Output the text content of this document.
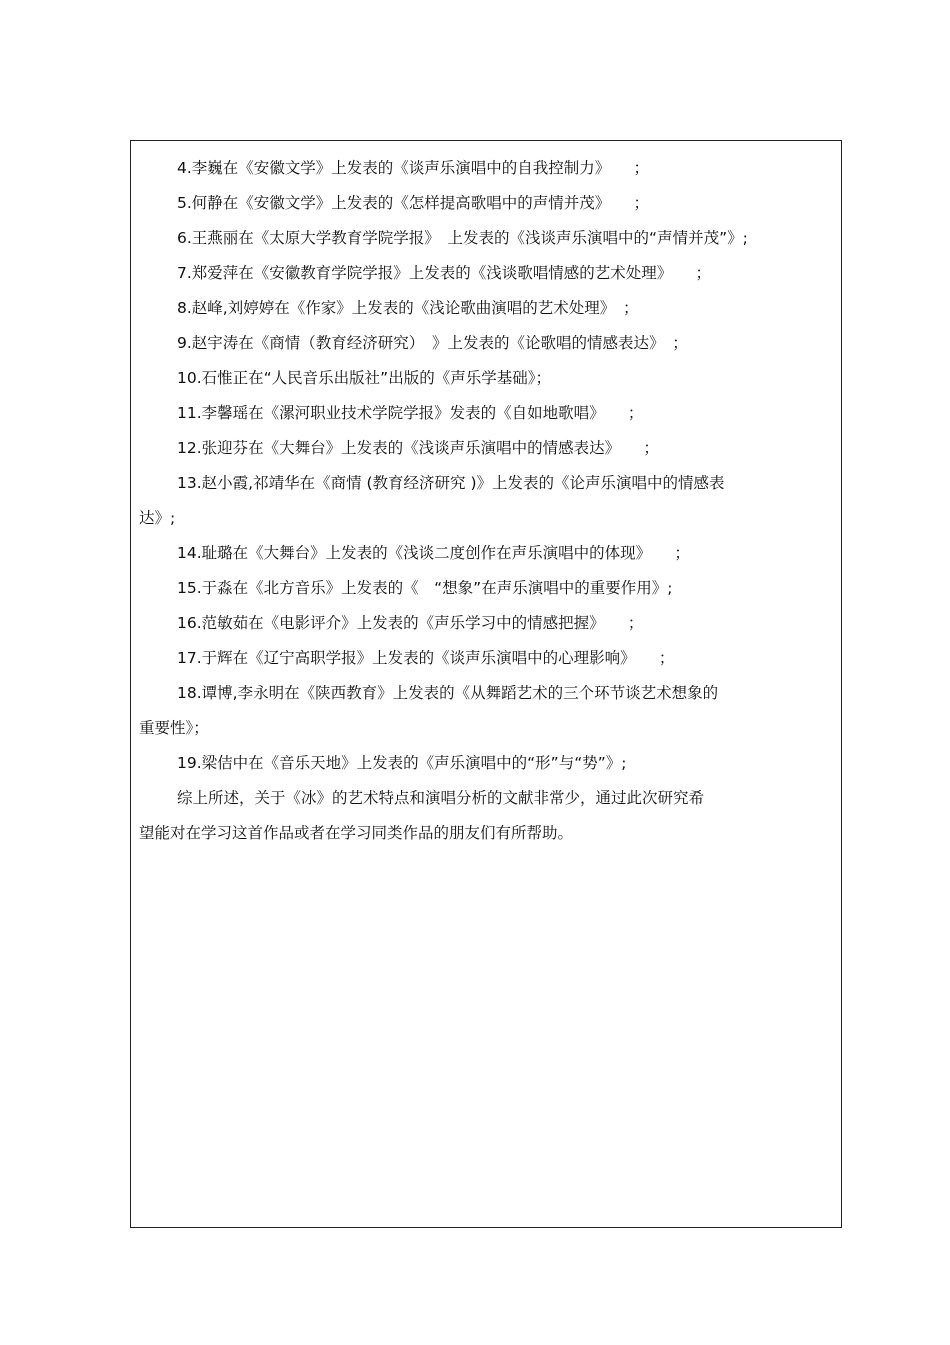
4.李巍在《安徽文学》上发表的《谈声乐演唱中的自我控制力》　　；
5.何静在《安徽文学》上发表的《怎样提高歌唱中的声情并茂》　　；
6.王燕丽在《太原大学教育学院学报》　上发表的《浅谈声乐演唱中的“声情并茂”》;
7.郑爱萍在《安徽教育学院学报》上发表的《浅谈歌唱情感的艺术处理》　　；
8.赵峰,刘婷婷在《作家》上发表的《浅论歌曲演唱的艺术处理》　；
9.赵宇涛在《商情（教育经济研究）　》上发表的《论歌唱的情感表达》　；
10.石惟正在“人民音乐出版社”出版的《声乐学基础》；
11.李馨瑶在《漯河职业技术学院学报》发表的《自如地歌唱》　　；
12.张迎芬在《大舞台》上发表的《浅谈声乐演唱中的情感表达》　　；
13.赵小霞,祁靖华在《商情 (教育经济研究 )》上发表的《论声乐演唱中的情感表
达》;
14.耻璐在《大舞台》上发表的《浅谈二度创作在声乐演唱中的体现》　　；
15.于淼在《北方音乐》上发表的《　“想象”在声乐演唱中的重要作用》;
16.范敏茹在《电影评介》上发表的《声乐学习中的情感把握》　　；
17.于辉在《辽宁高职学报》上发表的《谈声乐演唱中的心理影响》　　；
18.谭博,李永明在《陕西教育》上发表的《从舞蹈艺术的三个环节谈艺术想象的
重要性》；
19.梁佶中在《音乐天地》上发表的《声乐演唱中的“形”与“势”》;
综上所述，关于《冰》的艺术特点和演唱分析的文献非常少，通过此次研究希
望能对在学习这首作品或者在学习同类作品的朋友们有所帮助。
